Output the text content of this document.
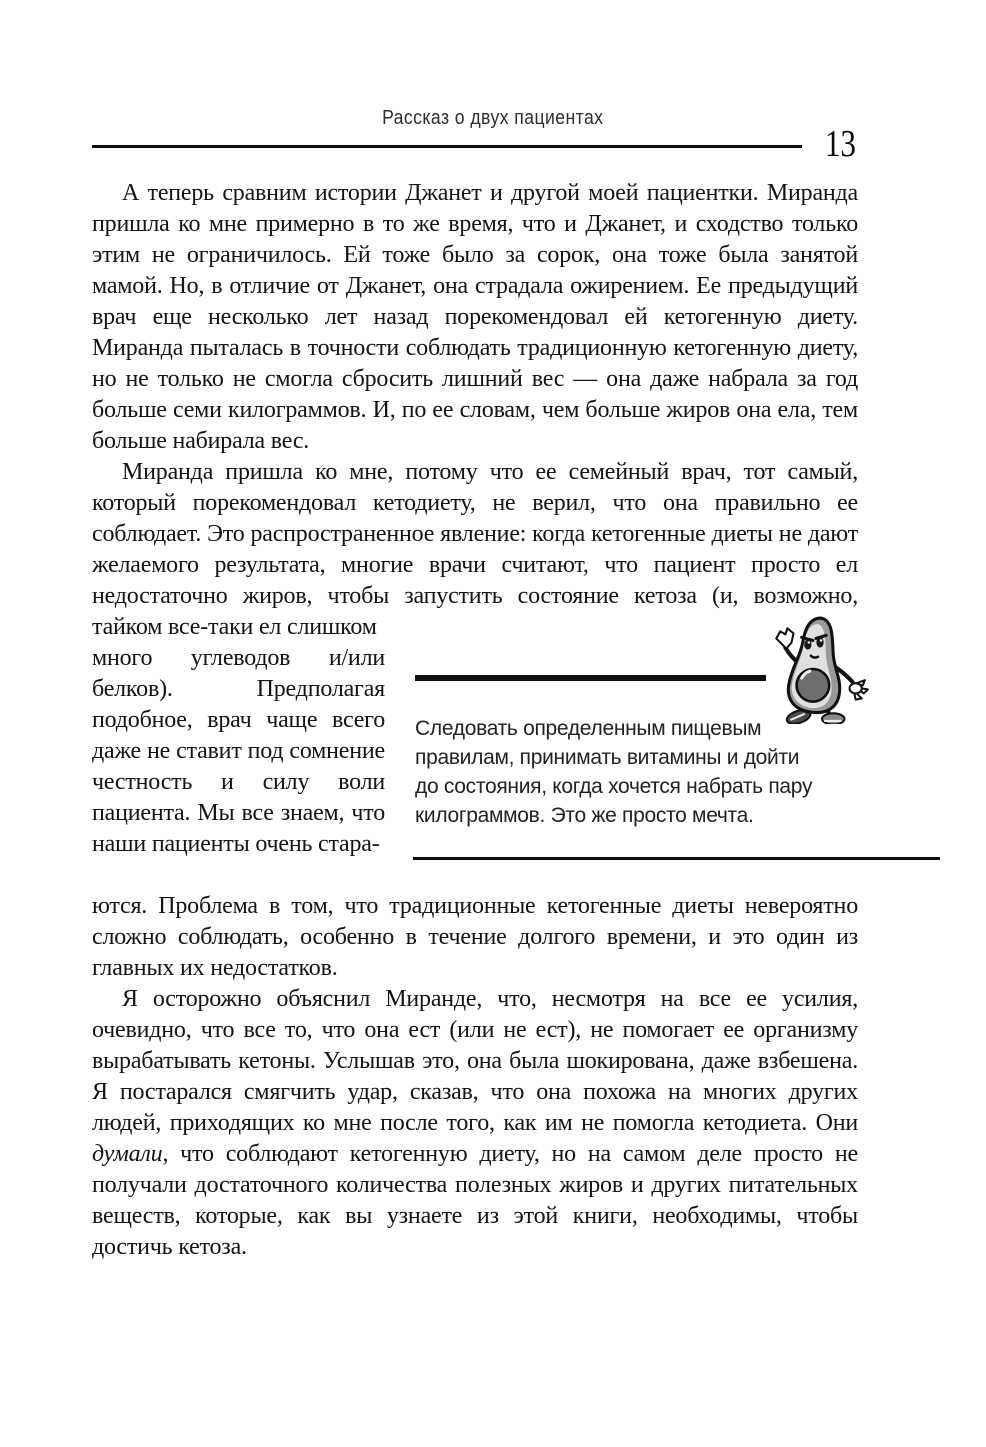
Рассказ о двух пациентах
13

А теперь сравним истории Джанет и другой моей пациентки. Миранда пришла ко мне примерно в то же время, что и Джанет, и сходство только этим не ограничилось. Ей тоже было за сорок, она тоже была занятой мамой. Но, в отличие от Джанет, она страдала ожирением. Ее предыдущий врач еще несколько лет назад порекомендовал ей кетогенную диету. Миранда пыталась в точности соблюдать традиционную кетогенную диету, но не только не смогла сбросить лишний вес — она даже набрала за год больше семи килограммов. И, по ее словам, чем больше жиров она ела, тем больше набирала вес.

Миранда пришла ко мне, потому что ее семейный врач, тот самый, который порекомендовал кетодиету, не верил, что она правильно ее соблюдает. Это распространенное явление: когда кетогенные диеты не дают желаемого результата, многие врачи считают, что пациент просто ел недостаточно жиров, чтобы запустить состояние кетоза (и, возможно, тайком все-таки ел слишком

много углеводов и/или белков). Предполагая подобное, врач чаще всего даже не ставит под сомнение честность и силу воли пациента. Мы все знаем, что наши пациенты очень стара-

Следовать определенным пищевым правилам, принимать витамины и дойти до состояния, когда хочется набрать пару килограммов. Это же просто мечта.

ются. Проблема в том, что традиционные кетогенные диеты невероятно сложно соблюдать, особенно в течение долгого времени, и это один из главных их недостатков.

Я осторожно объяснил Миранде, что, несмотря на все ее усилия, очевидно, что все то, что она ест (или не ест), не помогает ее организму вырабатывать кетоны. Услышав это, она была шокирована, даже взбешена. Я постарался смягчить удар, сказав, что она похожа на многих других людей, приходящих ко мне после того, как им не помогла кетодиета. Они думали, что соблюдают кетогенную диету, но на самом деле просто не получали достаточного количества полезных жиров и других питательных веществ, которые, как вы узнаете из этой книги, необходимы, чтобы достичь кетоза.
